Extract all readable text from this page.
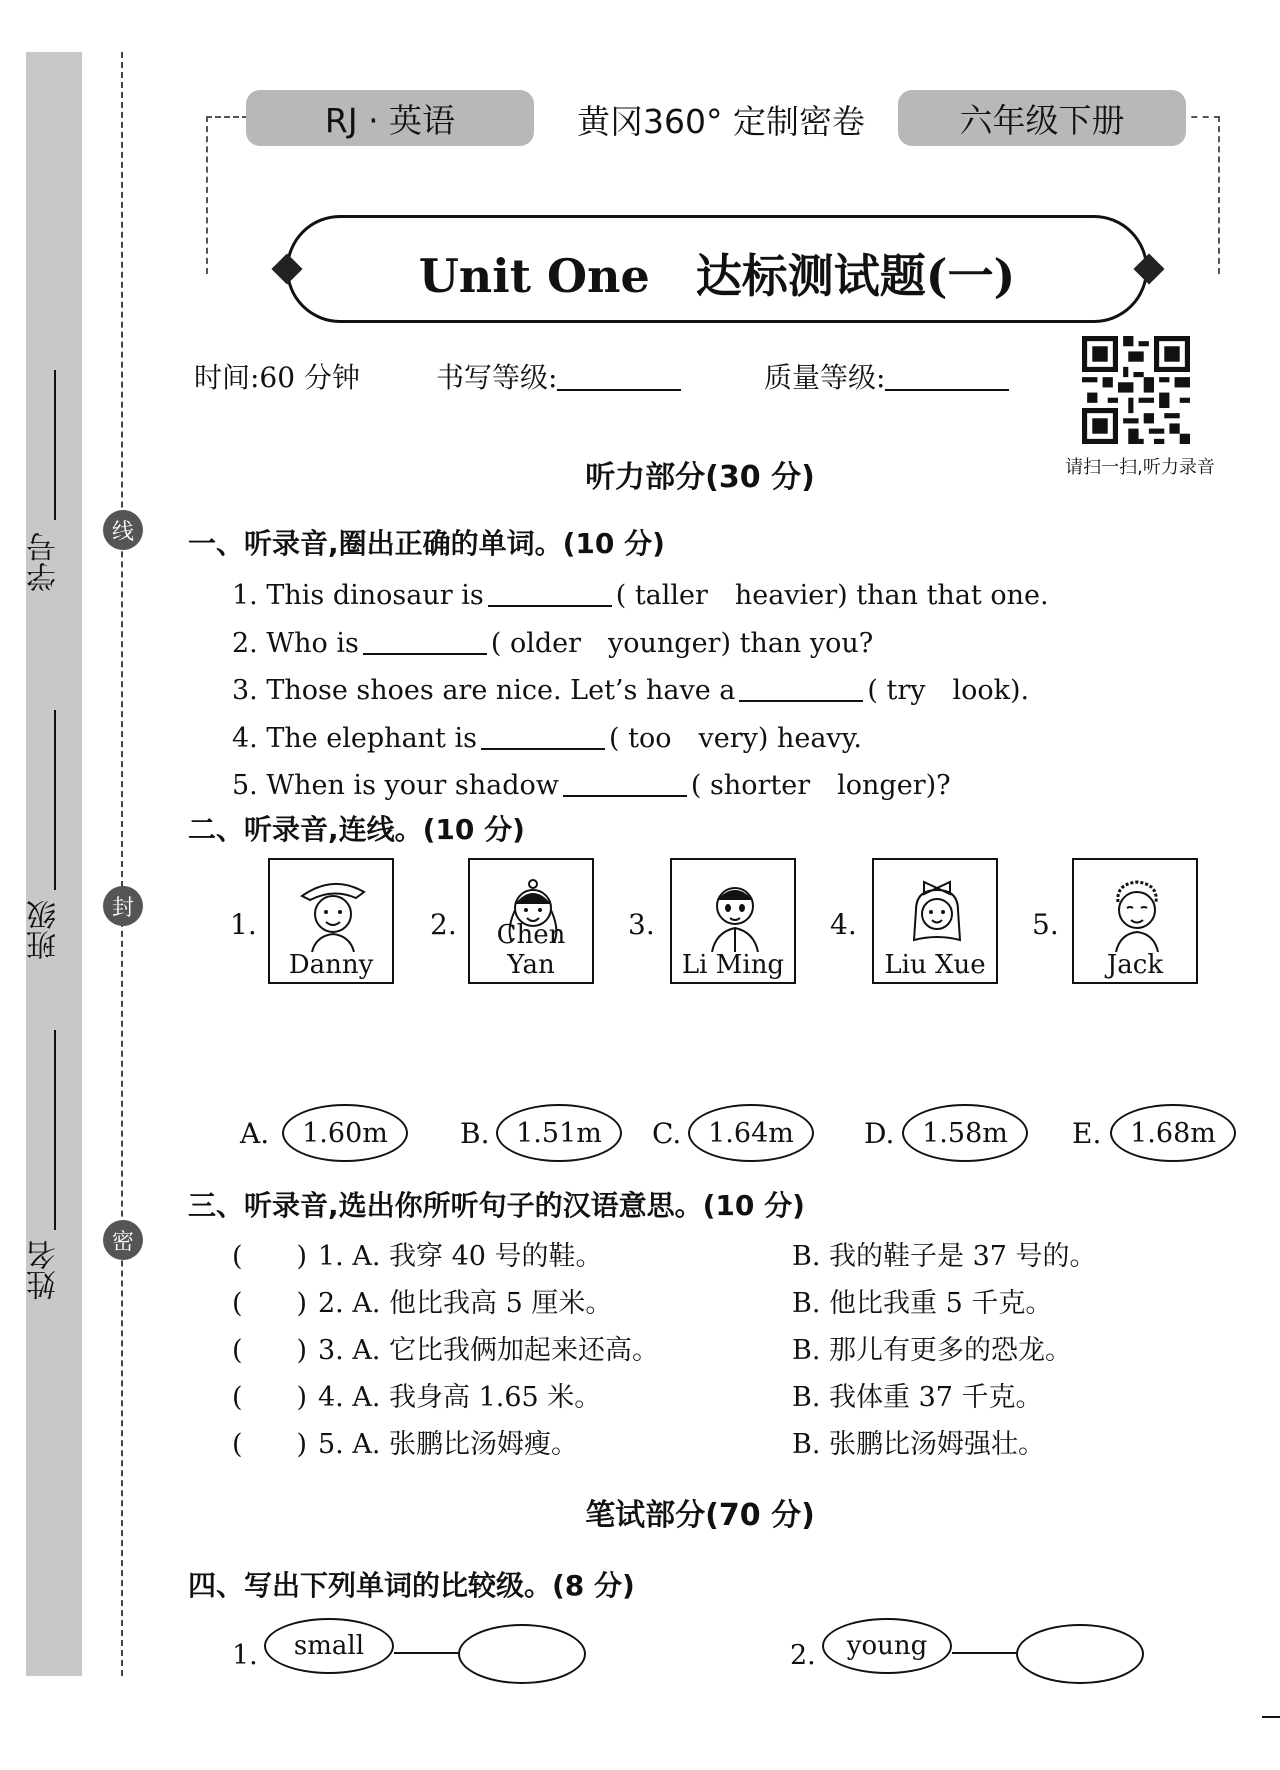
学号
班级
姓名
线
封
密
RJ · 英语	黄冈360° 定制密卷	六年级下册
Unit One　达标测试题(一)
时间:60 分钟	书写等级:	质量等级:
请扫一扫,听力录音
听力部分(30 分)
一、听录音,圈出正确的单词。(10 分)
1. This dinosaur is	( taller　heavier) than that one.
2. Who is	( older　younger) than you?
3. Those shoes are nice. Let’s have a	( try　look).
4. The elephant is	( too　very) heavy.
5. When is your shadow	( shorter　longer)?
二、听录音,连线。(10 分)
1.
Danny
2.	Chen Yan
3.
Li Ming
4.
Liu Xue
5.
Jack
A.	1.60m	B. 1.51m	C. 1.64m	D.	1.58m	E.	1.68m
三、听录音,选出你所听句子的汉语意思。(10 分)
(　　) 1. A. 我穿 40 号的鞋。	B. 我的鞋子是 37 号的。
(　　) 2. A. 他比我高 5 厘米。	B. 他比我重 5 千克。
(　　) 3. A. 它比我俩加起来还高。	B. 那儿有更多的恐龙。
(　　) 4. A. 我身高 1.65 米。	B. 我体重 37 千克。
(　　) 5. A. 张鹏比汤姆瘦。	B. 张鹏比汤姆强壮。
笔试部分(70 分)
四、写出下列单词的比较级。(8 分)
1.	small	2.	young
